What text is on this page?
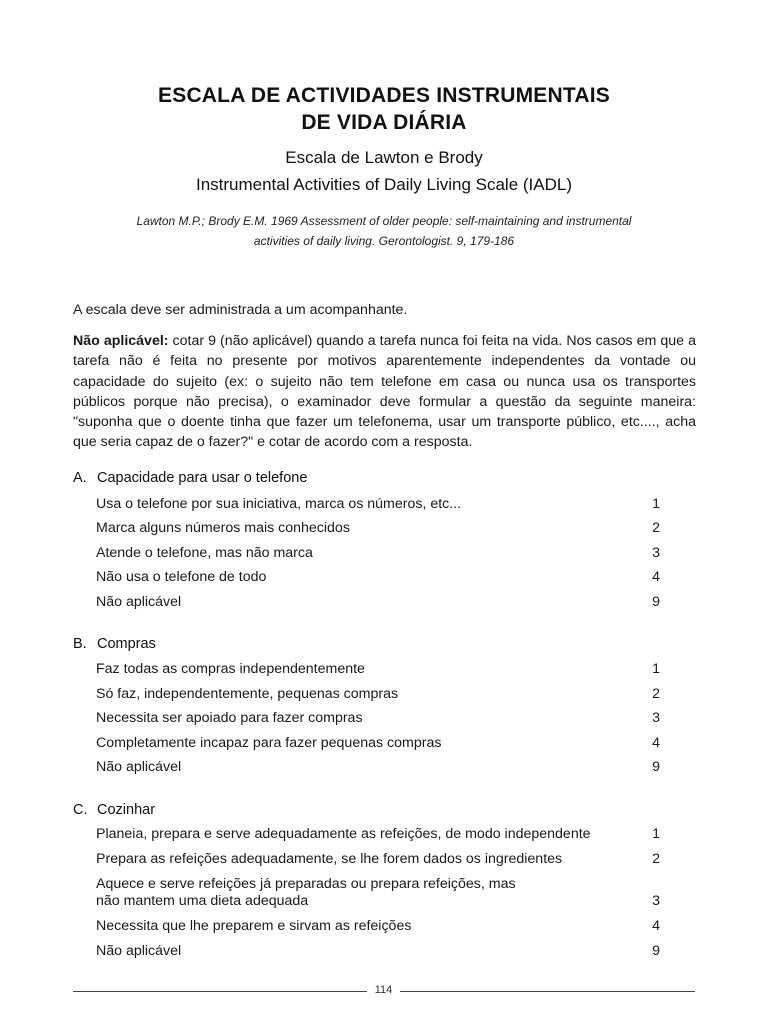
ESCALA DE ACTIVIDADES INSTRUMENTAIS
DE VIDA DIÁRIA
Escala de Lawton e Brody
Instrumental Activities of Daily Living Scale (IADL)
Lawton M.P.; Brody E.M. 1969 Assessment of older people: self-maintaining and instrumental
activities of daily living. Gerontologist. 9, 179-186
A escala deve ser administrada a um acompanhante.
Não aplicável: cotar 9 (não aplicável) quando a tarefa nunca foi feita na vida. Nos casos em que a tarefa não é feita no presente por motivos aparentemente independentes da vontade ou capacidade do sujeito (ex: o sujeito não tem telefone em casa ou nunca usa os transportes públicos porque não precisa), o examinador deve formular a questão da seguinte maneira: "suponha que o doente tinha que fazer um telefonema, usar um transporte público, etc...., acha que seria capaz de o fazer?" e cotar de acordo com a resposta.
A. Capacidade para usar o telefone
Usa o telefone por sua iniciativa, marca os números, etc...	1
Marca alguns números mais conhecidos	2
Atende o telefone, mas não marca	3
Não usa o telefone de todo	4
Não aplicável	9
B. Compras
Faz todas as compras independentemente	1
Só faz, independentemente, pequenas compras	2
Necessita ser apoiado para fazer compras	3
Completamente incapaz para fazer pequenas compras	4
Não aplicável	9
C. Cozinhar
Planeia, prepara e serve adequadamente as refeições, de modo independente	1
Prepara as refeições adequadamente, se lhe forem dados os ingredientes	2
Aquece e serve refeições já preparadas ou prepara refeições, mas não mantem uma dieta adequada	3
Necessita que lhe preparem e sirvam as refeições	4
Não aplicável	9
114
